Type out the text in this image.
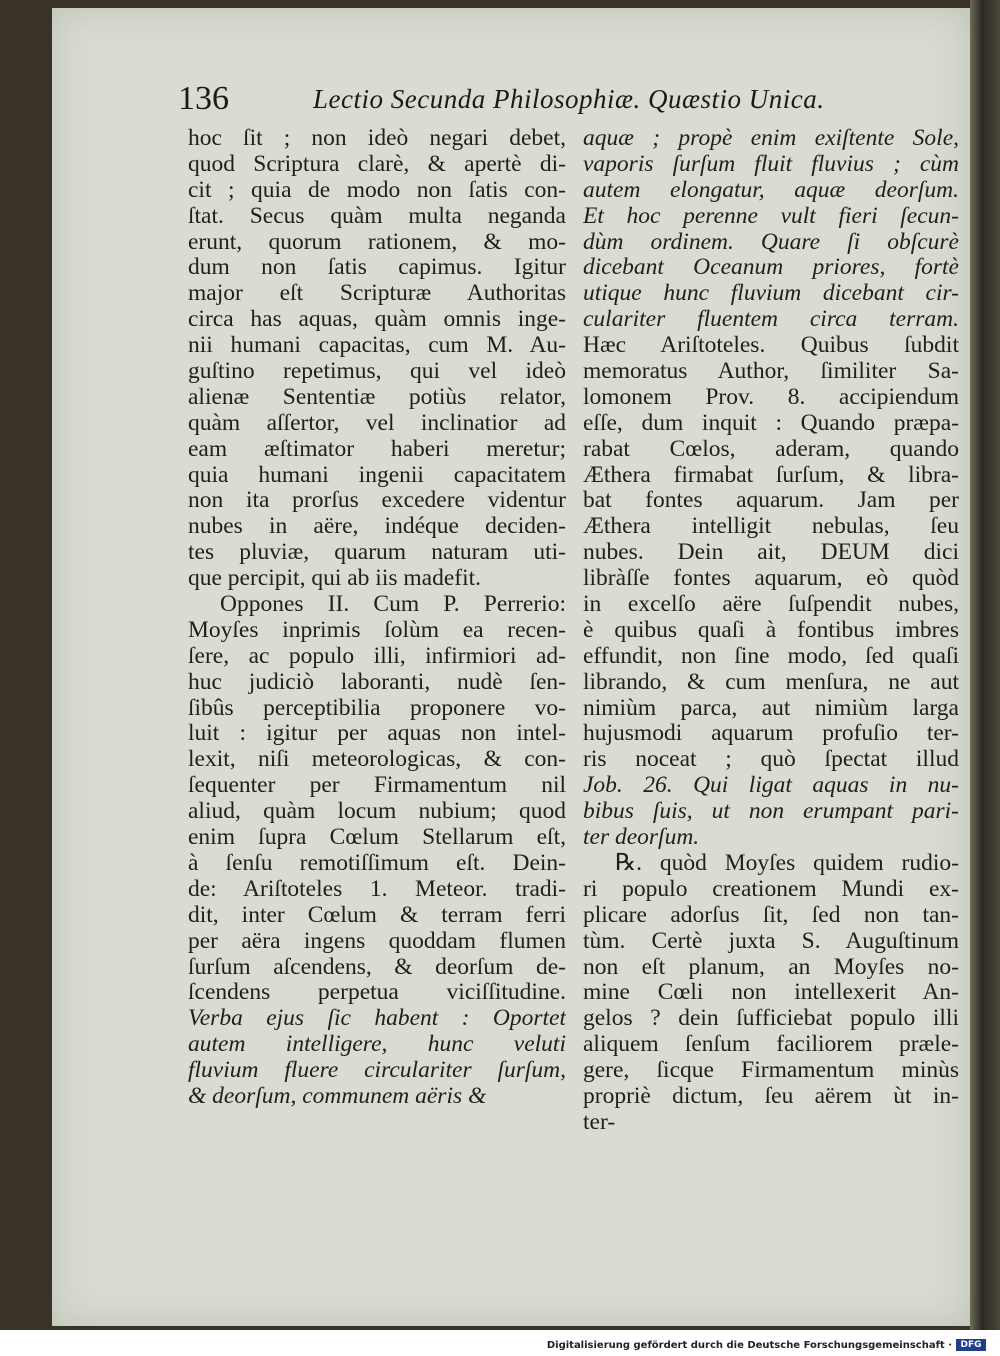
136	Lectio Secunda Philosophiæ. Quæstio Unica.
hoc ſit ; non ideò negari debet,
quod Scriptura clarè, & apertè di-
cit ; quia de modo non ſatis con-
ſtat. Secus quàm multa neganda
erunt, quorum rationem, & mo-
dum non ſatis capimus. Igitur
major eſt Scripturæ Authoritas
circa has aquas, quàm omnis inge-
nii humani capacitas, cum M. Au-
guſtino repetimus, qui vel ideò
alienæ Sententiæ potiùs relator,
quàm aſſertor, vel inclinatior ad
eam æſtimator haberi meretur;
quia humani ingenii capacitatem
non ita prorſus excedere videntur
nubes in aëre, indéque deciden-
tes pluviæ, quarum naturam uti-
que percipit, qui ab iis madefit.
Oppones II. Cum P. Perrerio:
Moyſes inprimis ſolùm ea recen-
ſere, ac populo illi, infirmiori ad-
huc judiciò laboranti, nudè ſen-
ſibûs perceptibilia proponere vo-
luit : igitur per aquas non intel-
lexit, niſi meteorologicas, & con-
ſequenter per Firmamentum nil
aliud, quàm locum nubium; quod
enim ſupra Cœlum Stellarum eſt,
à ſenſu remotiſſimum eſt. Dein-
de: Ariſtoteles 1. Meteor. tradi-
dit, inter Cœlum & terram ferri
per aëra ingens quoddam flumen
ſurſum aſcendens, & deorſum de-
ſcendens perpetua viciſſitudine.
Verba ejus ſic habent : Oportet
autem intelligere, hunc veluti
fluvium fluere circulariter ſurſum,
& deorſum, communem aëris &
aquæ ; propè enim exiſtente Sole,
vaporis ſurſum fluit fluvius ; cùm
autem elongatur, aquæ deorſum.
Et hoc perenne vult fieri ſecun-
dùm ordinem. Quare ſi obſcurè
dicebant Oceanum priores, fortè
utique hunc fluvium dicebant cir-
culariter fluentem circa terram.
Hæc Ariſtoteles. Quibus ſubdit
memoratus Author, ſimiliter Sa-
lomonem Prov. 8. accipiendum
eſſe, dum inquit : Quando præpa-
rabat Cœlos, aderam, quando
Æthera firmabat ſurſum, & libra-
bat fontes aquarum. Jam per
Æthera intelligit nebulas, ſeu
nubes. Dein ait, DEUM dici
libràſſe fontes aquarum, eò quòd
in excelſo aëre ſuſpendit nubes,
è quibus quaſi à fontibus imbres
effundit, non ſine modo, ſed quaſi
librando, & cum menſura, ne aut
nimiùm parca, aut nimiùm larga
hujusmodi aquarum profuſio ter-
ris noceat ; quò ſpectat illud
Job. 26. Qui ligat aquas in nu-
bibus ſuis, ut non erumpant pari-
ter deorſum.
℞. quòd Moyſes quidem rudio-
ri populo creationem Mundi ex-
plicare adorſus ſit, ſed non tan-
tùm. Certè juxta S. Auguſtinum
non eſt planum, an Moyſes no-
mine Cœli non intellexerit An-
gelos ? dein ſufficiebat populo illi
aliquem ſenſum faciliorem præle-
gere, ſicque Firmamentum minùs
propriè dictum, ſeu aërem ùt in-
ter-
Digitalisierung gefördert durch die Deutsche Forschungsgemeinschaft · DFG
